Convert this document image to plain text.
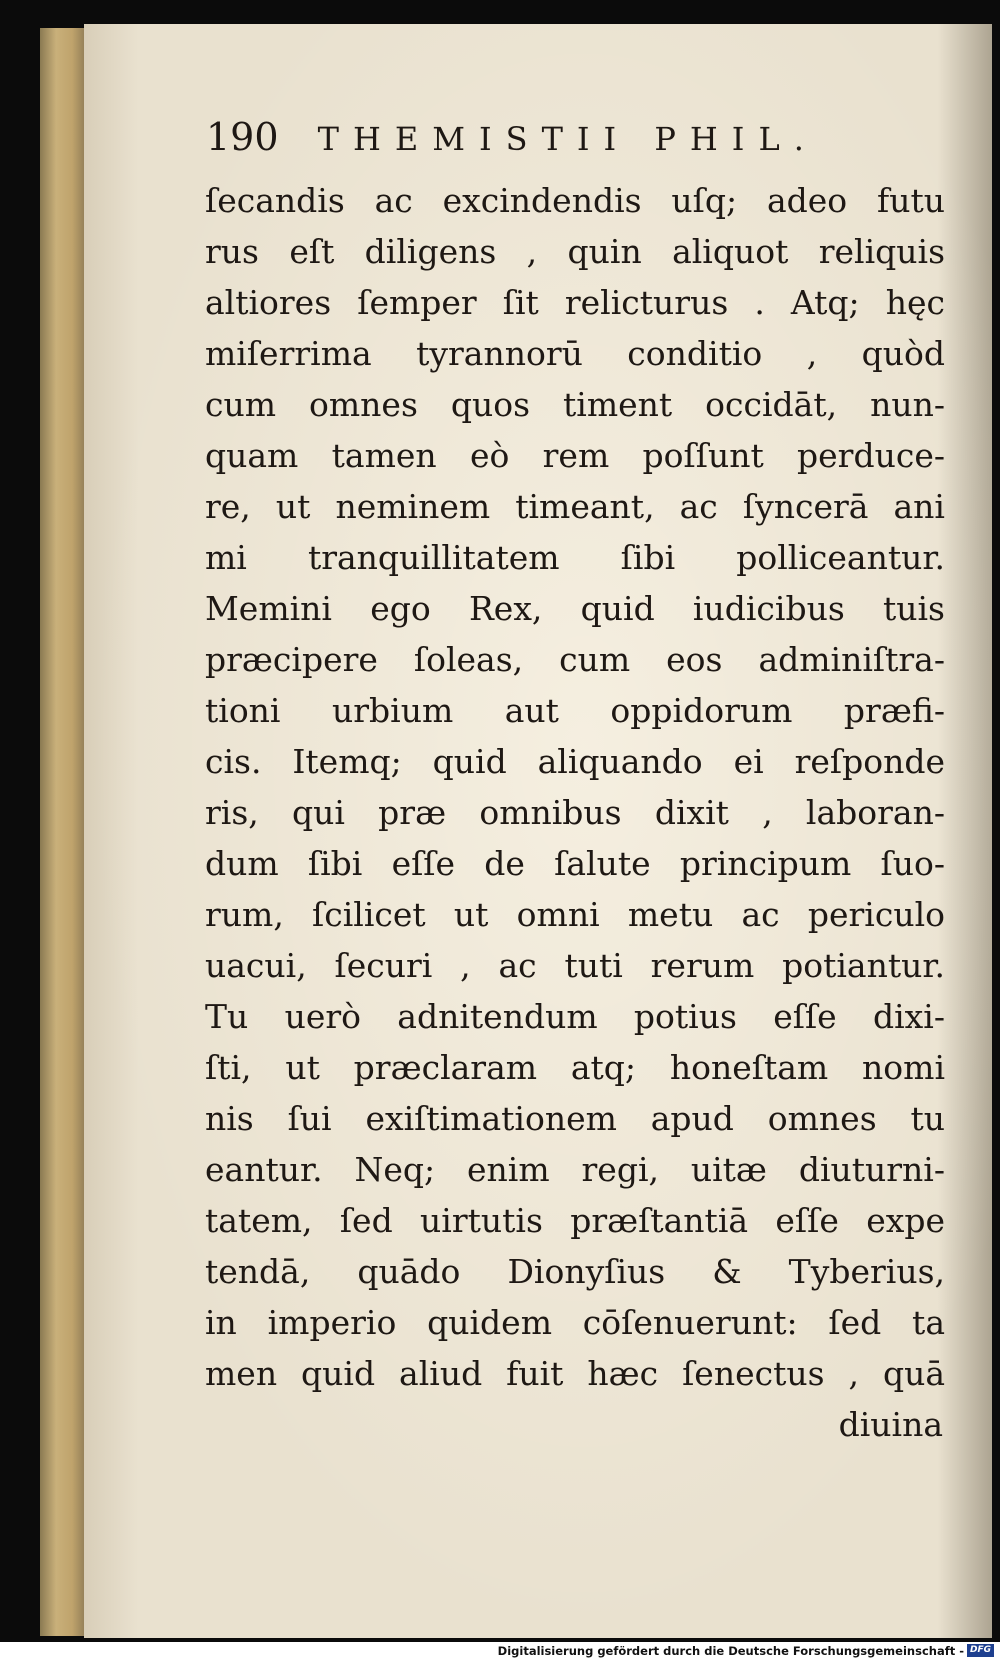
190 THEMISTII PHIL.
ſecandis ac excindendis uſq; adeo futu
rus eſt diligens , quin aliquot reliquis
altiores ſemper ſit relicturus . Atq; hęc
miſerrima tyrannorū conditio , quòd
cum omnes quos timent occidāt, nun-
quam tamen eò rem poſſunt perduce-
re, ut neminem timeant, ac ſyncerā ani
mi tranquillitatem ſibi polliceantur.
Memini ego Rex, quid iudicibus tuis
præcipere ſoleas, cum eos adminiſtra-
tioni urbium aut oppidorum præfi-
cis. Itemq; quid aliquando ei reſponde
ris, qui præ omnibus dixit , laboran-
dum ſibi eſſe de ſalute principum ſuo-
rum, ſcilicet ut omni metu ac periculo
uacui, ſecuri , ac tuti rerum potiantur.
Tu uerò adnitendum potius eſſe dixi-
ſti, ut præclaram atq; honeſtam nomi
nis ſui exiſtimationem apud omnes tu
eantur. Neq; enim regi, uitæ diuturni-
tatem, ſed uirtutis præſtantiā eſſe expe
tendā, quādo Dionyſius & Tyberius,
in imperio quidem cōſenuerunt: ſed ta
men quid aliud fuit hæc ſenectus , quā
diuina
Digitalisierung gefördert durch die Deutsche Forschungsgemeinschaft - DFG
